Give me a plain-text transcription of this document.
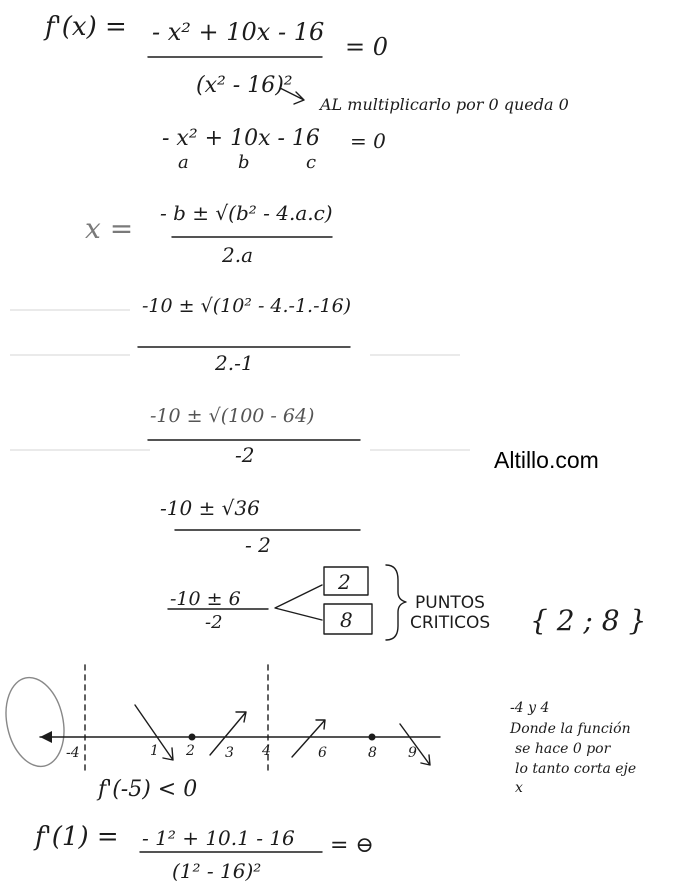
f'(x) = - x² + 10x - 16
(x² - 16)²
= 0
AL multiplicarlo por 0 queda 0
- x² + 10x - 16 = 0
a	b	c
x = - b ± √(b² - 4.a.c)
2.a
-10 ± √(10² - 4.-1.-16)
2.-1
-10 ± √(100 - 64)
-2	Altillo.com
-10 ± √36
- 2
-10 ± 6
-2
2
8
PUNTOS
CRITICOS { 2 ; 8 }
-4	1 2 3 4	6	8 9
f'(-5) < 0
-4 y 4
Donde la función
se hace 0 por
lo tanto corta eje
x
f'(1) = - 1² + 10.1 - 16
(1² - 16)²
= ⊖
